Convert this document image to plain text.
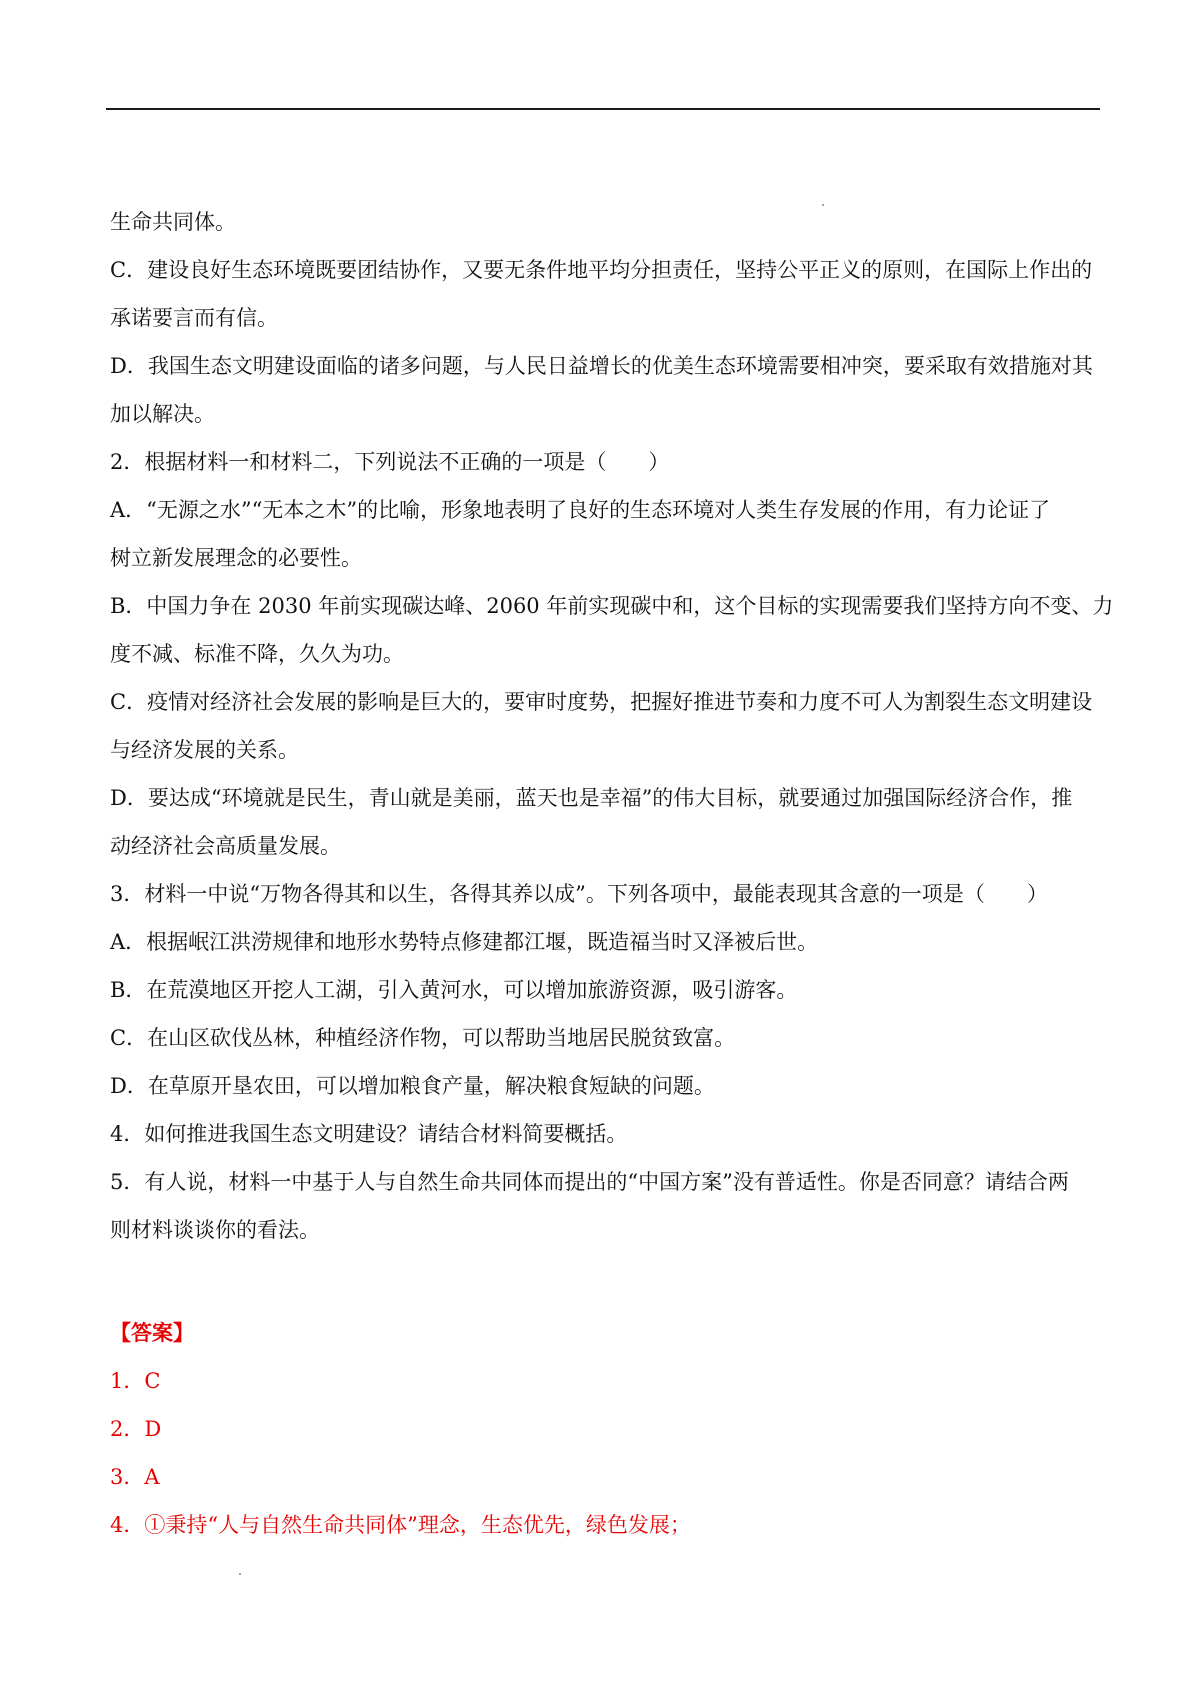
生命共同体。

C．建设良好生态环境既要团结协作，又要无条件地平均分担责任，坚持公平正义的原则，在国际上作出的

承诺要言而有信。

D．我国生态文明建设面临的诸多问题，与人民日益增长的优美生态环境需要相冲突，要采取有效措施对其

加以解决。

2．根据材料一和材料二，下列说法不正确的一项是（　　）

A．“无源之水”“无本之木”的比喻，形象地表明了良好的生态环境对人类生存发展的作用，有力论证了

树立新发展理念的必要性。

B．中国力争在 2030 年前实现碳达峰、2060 年前实现碳中和，这个目标的实现需要我们坚持方向不变、力

度不减、标准不降，久久为功。

C．疫情对经济社会发展的影响是巨大的，要审时度势，把握好推进节奏和力度不可人为割裂生态文明建设

与经济发展的关系。

D．要达成“环境就是民生，青山就是美丽，蓝天也是幸福”的伟大目标，就要通过加强国际经济合作，推

动经济社会高质量发展。

3．材料一中说“万物各得其和以生，各得其养以成”。下列各项中，最能表现其含意的一项是（　　）

A．根据岷江洪涝规律和地形水势特点修建都江堰，既造福当时又泽被后世。

B．在荒漠地区开挖人工湖，引入黄河水，可以增加旅游资源，吸引游客。

C．在山区砍伐丛林，种植经济作物，可以帮助当地居民脱贫致富。

D．在草原开垦农田，可以增加粮食产量，解决粮食短缺的问题。

4．如何推进我国生态文明建设？请结合材料简要概括。

5．有人说，材料一中基于人与自然生命共同体而提出的“中国方案”没有普适性。你是否同意？请结合两

则材料谈谈你的看法。

【答案】

1．C

2．D

3．A

4．①秉持“人与自然生命共同体”理念，生态优先，绿色发展；
